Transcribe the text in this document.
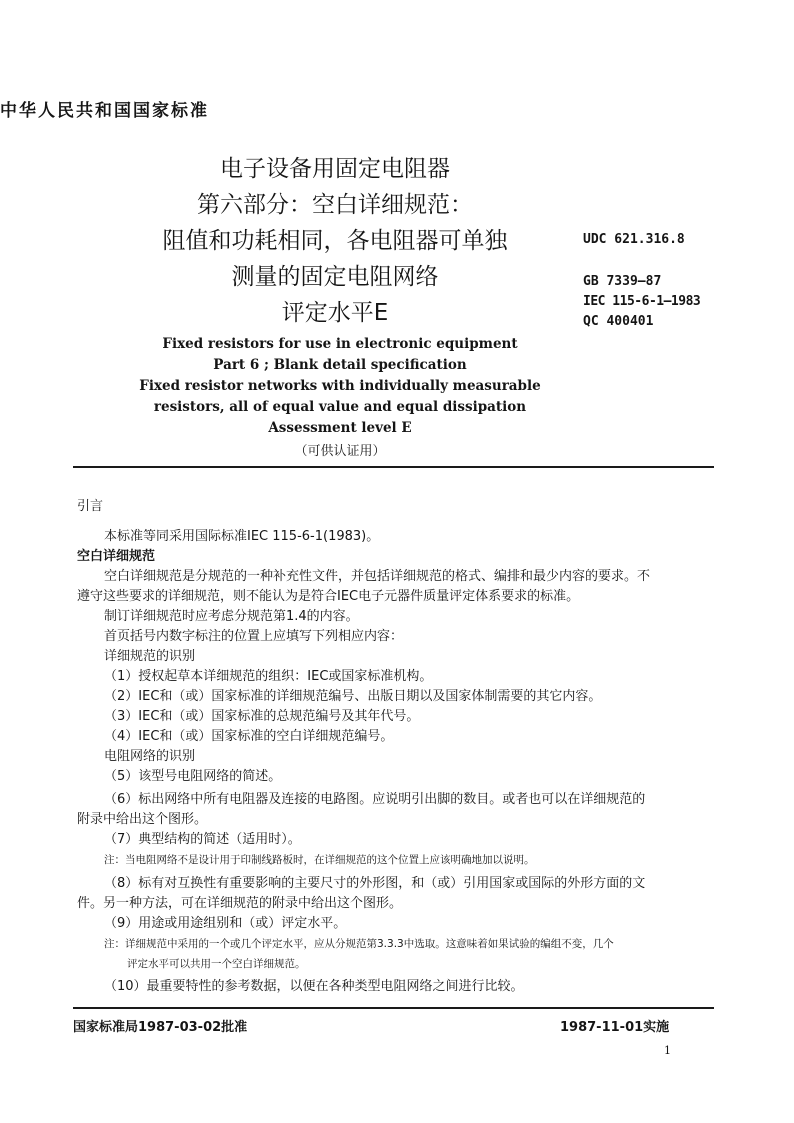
中华人民共和国国家标准
电子设备用固定电阻器
第六部分：空白详细规范：
阻值和功耗相同，各电阻器可单独
测量的固定电阻网络
评定水平E
UDC 621.316.8
GB 7339—87
IEC 115-6-1—1983
QC 400401
Fixed resistors for use in electronic equipment
Part 6 ; Blank detail specification
Fixed resistor networks with individually measurable
resistors, all of equal value and equal dissipation
Assessment level E
（可供认证用）
引言
本标准等同采用国际标准IEC 115-6-1(1983)。
空白详细规范
空白详细规范是分规范的一种补充性文件，并包括详细规范的格式、编排和最少内容的要求。不
遵守这些要求的详细规范，则不能认为是符合IEC电子元器件质量评定体系要求的标准。
制订详细规范时应考虑分规范第1.4的内容。
首页括号内数字标注的位置上应填写下列相应内容：
详细规范的识别
（1）授权起草本详细规范的组织：IEC或国家标准机构。
（2）IEC和（或）国家标准的详细规范编号、出版日期以及国家体制需要的其它内容。
（3）IEC和（或）国家标准的总规范编号及其年代号。
（4）IEC和（或）国家标准的空白详细规范编号。
电阻网络的识别
（5）该型号电阻网络的简述。
（6）标出网络中所有电阻器及连接的电路图。应说明引出脚的数目。或者也可以在详细规范的
附录中给出这个图形。
（7）典型结构的简述（适用时）。
注：当电阻网络不是设计用于印制线路板时，在详细规范的这个位置上应该明确地加以说明。
（8）标有对互换性有重要影响的主要尺寸的外形图，和（或）引用国家或国际的外形方面的文
件。另一种方法，可在详细规范的附录中给出这个图形。
（9）用途或用途组别和（或）评定水平。
注：详细规范中采用的一个或几个评定水平，应从分规范第3.3.3中选取。这意味着如果试验的编组不变，几个
评定水平可以共用一个空白详细规范。
（10）最重要特性的参考数据，以便在各种类型电阻网络之间进行比较。
国家标准局1987-03-02批准	1987-11-01实施
1
